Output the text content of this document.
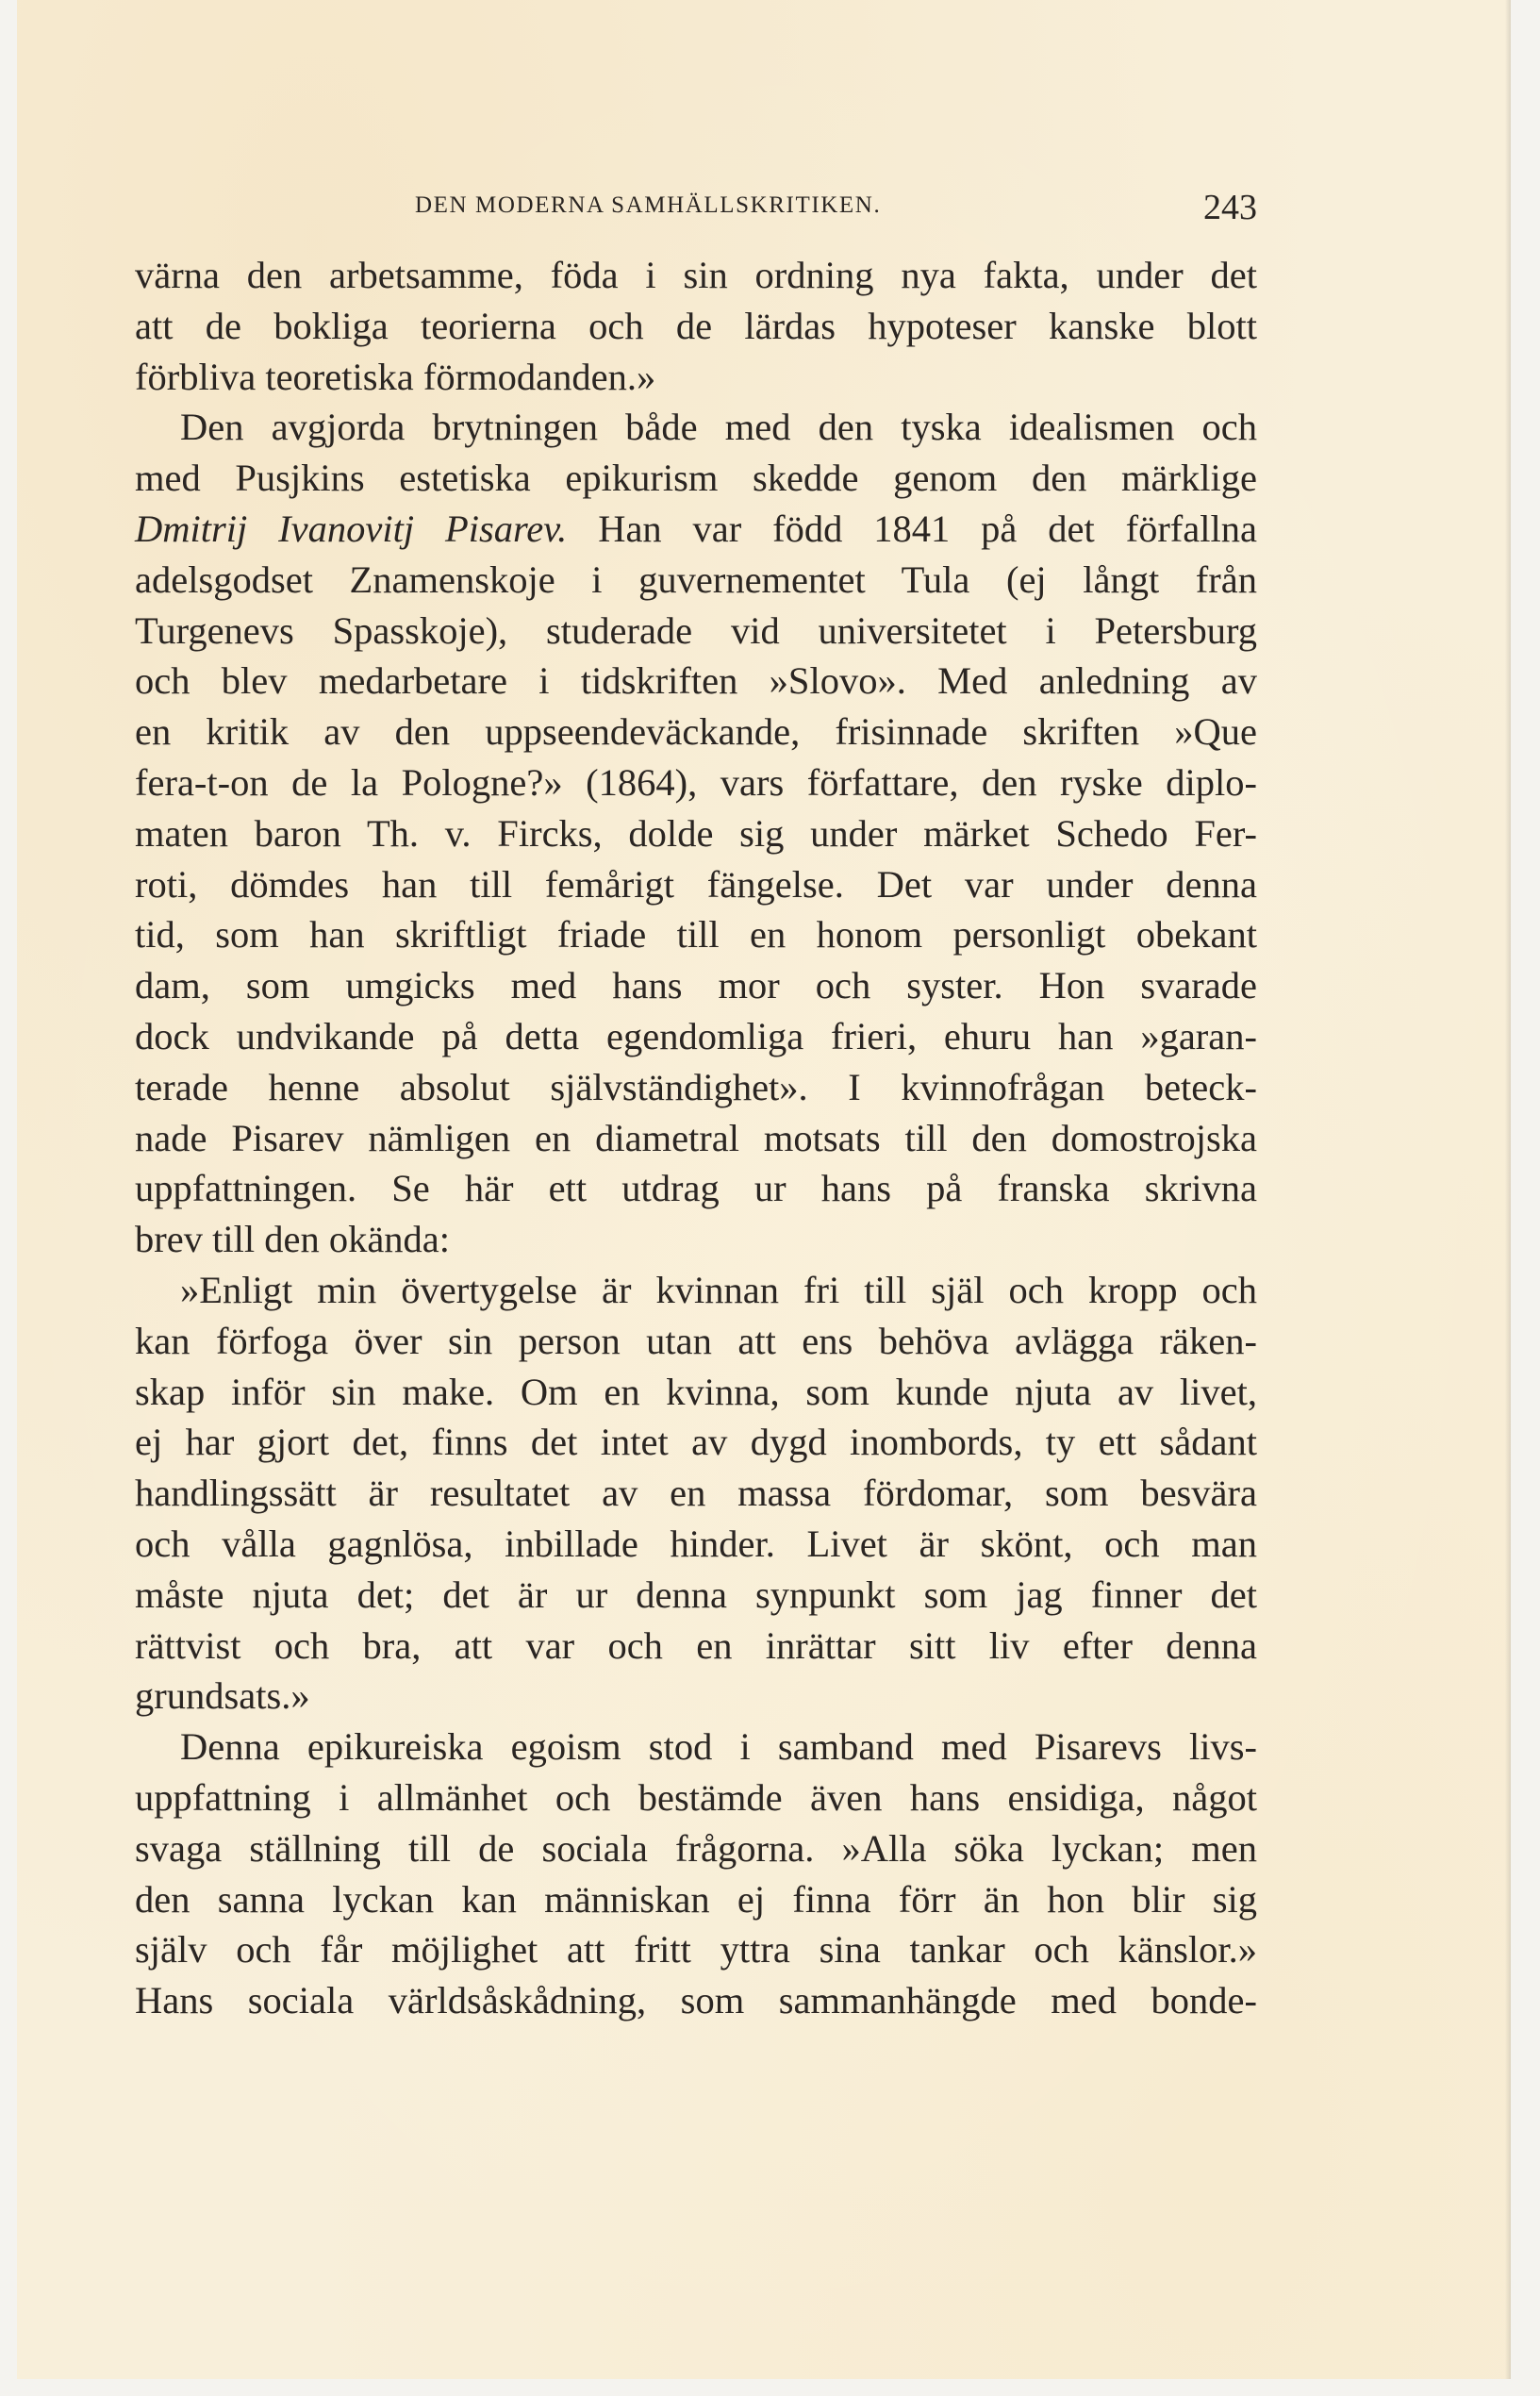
DEN MODERNA SAMHÄLLSKRITIKEN.	243
värna den arbetsamme, föda i sin ordning nya fakta, under det
att de bokliga teorierna och de lärdas hypoteser kanske blott
förbliva teoretiska förmodanden.»
Den avgjorda brytningen både med den tyska idealismen och
med Pusjkins estetiska epikurism skedde genom den märklige
Dmitrij Ivanovitj Pisarev. Han var född 1841 på det förfallna
adelsgodset Znamenskoje i guvernementet Tula (ej långt från
Turgenevs Spasskoje), studerade vid universitetet i Petersburg
och blev medarbetare i tidskriften »Slovo». Med anledning av
en kritik av den uppseendeväckande, frisinnade skriften »Que
fera-t-on de la Pologne?» (1864), vars författare, den ryske diplo-
maten baron Th. v. Fircks, dolde sig under märket Schedo Fer-
roti, dömdes han till femårigt fängelse. Det var under denna
tid, som han skriftligt friade till en honom personligt obekant
dam, som umgicks med hans mor och syster. Hon svarade
dock undvikande på detta egendomliga frieri, ehuru han »garan-
terade henne absolut självständighet». I kvinnofrågan beteck-
nade Pisarev nämligen en diametral motsats till den domostrojska
uppfattningen. Se här ett utdrag ur hans på franska skrivna
brev till den okända:
»Enligt min övertygelse är kvinnan fri till själ och kropp och
kan förfoga över sin person utan att ens behöva avlägga räken-
skap inför sin make. Om en kvinna, som kunde njuta av livet,
ej har gjort det, finns det intet av dygd inombords, ty ett sådant
handlingssätt är resultatet av en massa fördomar, som besvära
och vålla gagnlösa, inbillade hinder. Livet är skönt, och man
måste njuta det; det är ur denna synpunkt som jag finner det
rättvist och bra, att var och en inrättar sitt liv efter denna
grundsats.»
Denna epikureiska egoism stod i samband med Pisarevs livs-
uppfattning i allmänhet och bestämde även hans ensidiga, något
svaga ställning till de sociala frågorna. »Alla söka lyckan; men
den sanna lyckan kan människan ej finna förr än hon blir sig
själv och får möjlighet att fritt yttra sina tankar och känslor.»
Hans sociala världsåskådning, som sammanhängde med bonde-
